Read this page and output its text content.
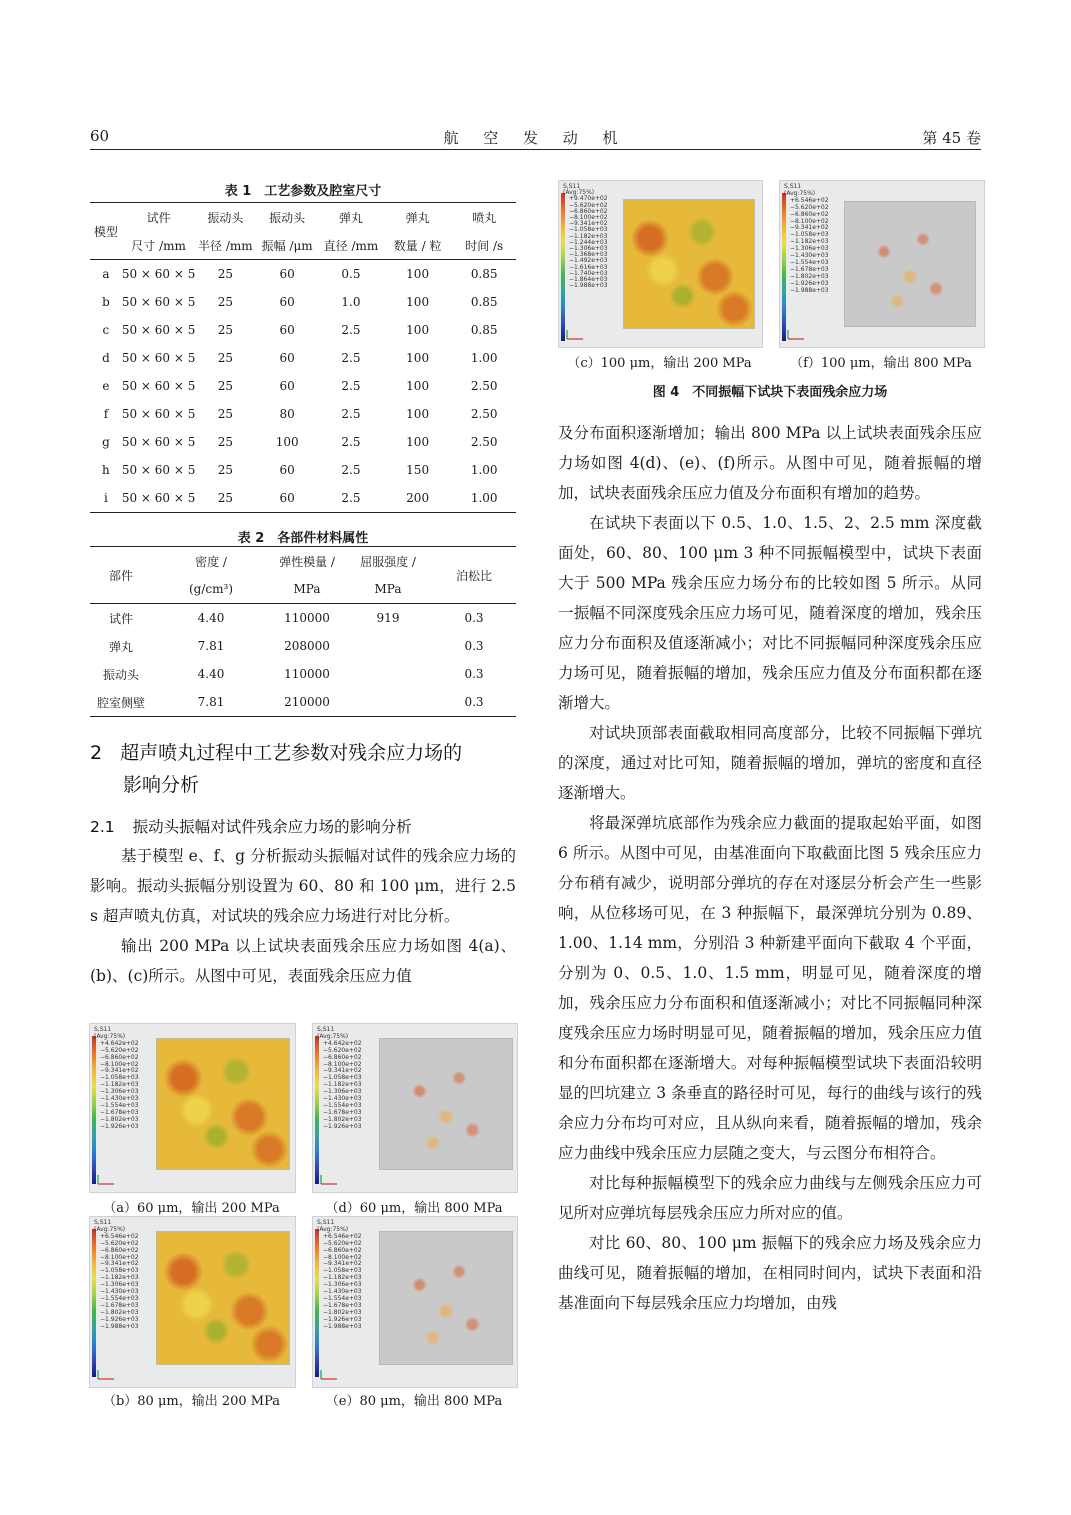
60	航 空 发 动 机	第 45 卷
表 1　工艺参数及腔室尺寸
模型	试件	振动头	振动头	弹丸	弹丸	喷丸
	尺寸 /mm	半径 /mm	振幅 /μm	直径 /mm	数量 / 粒	时间 /s
a	50 × 60 × 5	25	60	0.5	100	0.85
b	50 × 60 × 5	25	60	1.0	100	0.85
c	50 × 60 × 5	25	60	2.5	100	0.85
d	50 × 60 × 5	25	60	2.5	100	1.00
e	50 × 60 × 5	25	60	2.5	100	2.50
f	50 × 60 × 5	25	80	2.5	100	2.50
g	50 × 60 × 5	25	100	2.5	100	2.50
h	50 × 60 × 5	25	60	2.5	150	1.00
i	50 × 60 × 5	25	60	2.5	200	1.00
表 2　各部件材料属性
部件	密度 /	弹性模量 /	屈服强度 /	泊松比
	(g/cm³)	MPa	MPa	
试件	4.40	110000	919	0.3
弹丸	7.81	208000		0.3
振动头	4.40	110000		0.3
腔室侧壁	7.81	210000		0.3
2 超声喷丸过程中工艺参数对残余应力场的
影响分析
2.1 振动头振幅对试件残余应力场的影响分析

基于模型 e、f、g 分析振动头振幅对试件的残余应力场的影响。振动头振幅分别设置为 60、80 和 100 μm，进行 2.5 s 超声喷丸仿真，对试块的残余应力场进行对比分析。

输出 200 MPa 以上试块表面残余压应力场如图 4(a)、(b)、(c)所示。从图中可见，表面残余压应力值

及分布面积逐渐增加；输出 800 MPa 以上试块表面残余压应力场如图 4(d)、(e)、(f)所示。从图中可见，随着振幅的增加，试块表面残余压应力值及分布面积有增加的趋势。

在试块下表面以下 0.5、1.0、1.5、2、2.5 mm 深度截面处，60、80、100 μm 3 种不同振幅模型中，试块下表面大于 500 MPa 残余压应力场分布的比较如图 5 所示。从同一振幅不同深度残余压应力场可见，随着深度的增加，残余压应力分布面积及值逐渐减小；对比不同振幅同种深度残余压应力场可见，随着振幅的增加，残余压应力值及分布面积都在逐渐增大。

对试块顶部表面截取相同高度部分，比较不同振幅下弹坑的深度，通过对比可知，随着振幅的增加，弹坑的密度和直径逐渐增大。

将最深弹坑底部作为残余应力截面的提取起始平面，如图 6 所示。从图中可见，由基准面向下取截面比图 5 残余压应力分布稍有减少，说明部分弹坑的存在对逐层分析会产生一些影响，从位移场可见，在 3 种振幅下，最深弹坑分别为 0.89、1.00、1.14 mm，分别沿 3 种新建平面向下截取 4 个平面，分别为 0、0.5、1.0、1.5 mm，明显可见，随着深度的增加，残余压应力分布面积和值逐渐减小；对比不同振幅同种深度残余压应力场时明显可见，随着振幅的增加，残余压应力值和分布面积都在逐渐增大。对每种振幅模型试块下表面沿较明显的凹坑建立 3 条垂直的路径时可见，每行的曲线与该行的残余应力分布均可对应，且从纵向来看，随着振幅的增加，残余应力曲线中残余压应力层随之变大，与云图分布相符合。

对比每种振幅模型下的残余应力曲线与左侧残余压应力可见所对应弹坑每层残余压应力所对应的值。

对比 60、80、100 μm 振幅下的残余应力场及残余应力曲线可见，随着振幅的增加，在相同时间内，试块下表面和沿基准面向下每层残余压应力均增加，由残

S,S11
(Avg:75%)
+4.642e+02
−5.620e+02
−6.860e+02
−8.100e+02
−9.341e+02
−1.058e+03
−1.182e+03
−1.306e+03
−1.430e+03
−1.554e+03
−1.678e+03
−1.802e+03
−1.926e+03
（a）60 μm，输出 200 MPa
S,S11
(Avg:75%)
+4.642e+02
−5.620e+02
−6.860e+02
−8.100e+02
−9.341e+02
−1.058e+03
−1.182e+03
−1.306e+03
−1.430e+03
−1.554e+03
−1.678e+03
−1.802e+03
−1.926e+03
（d）60 μm，输出 800 MPa
S,S11
(Avg:75%)
+6.546e+02
−5.620e+02
−6.860e+02
−8.100e+02
−9.341e+02
−1.058e+03
−1.182e+03
−1.306e+03
−1.430e+03
−1.554e+03
−1.678e+03
−1.802e+03
−1.926e+03
−1.988e+03
（b）80 μm，输出 200 MPa
S,S11
(Avg:75%)
+6.546e+02
−5.620e+02
−6.860e+02
−8.100e+02
−9.341e+02
−1.058e+03
−1.182e+03
−1.306e+03
−1.430e+03
−1.554e+03
−1.678e+03
−1.802e+03
−1.926e+03
−1.988e+03
（e）80 μm，输出 800 MPa
S,S11
(Avg:75%)
+9.470e+02
−5.620e+02
−6.860e+02
−8.100e+02
−9.341e+02
−1.058e+03
−1.182e+03
−1.244e+03
−1.306e+03
−1.368e+03
−1.492e+03
−1.616e+03
−1.740e+03
−1.864e+03
−1.988e+03
（c）100 μm，输出 200 MPa
S,S11
(Avg:75%)
+6.546e+02
−5.620e+02
−6.860e+02
−8.100e+02
−9.341e+02
−1.058e+03
−1.182e+03
−1.306e+03
−1.430e+03
−1.554e+03
−1.678e+03
−1.802e+03
−1.926e+03
−1.988e+03
（f）100 μm，输出 800 MPa
图 4　不同振幅下试块下表面残余应力场
